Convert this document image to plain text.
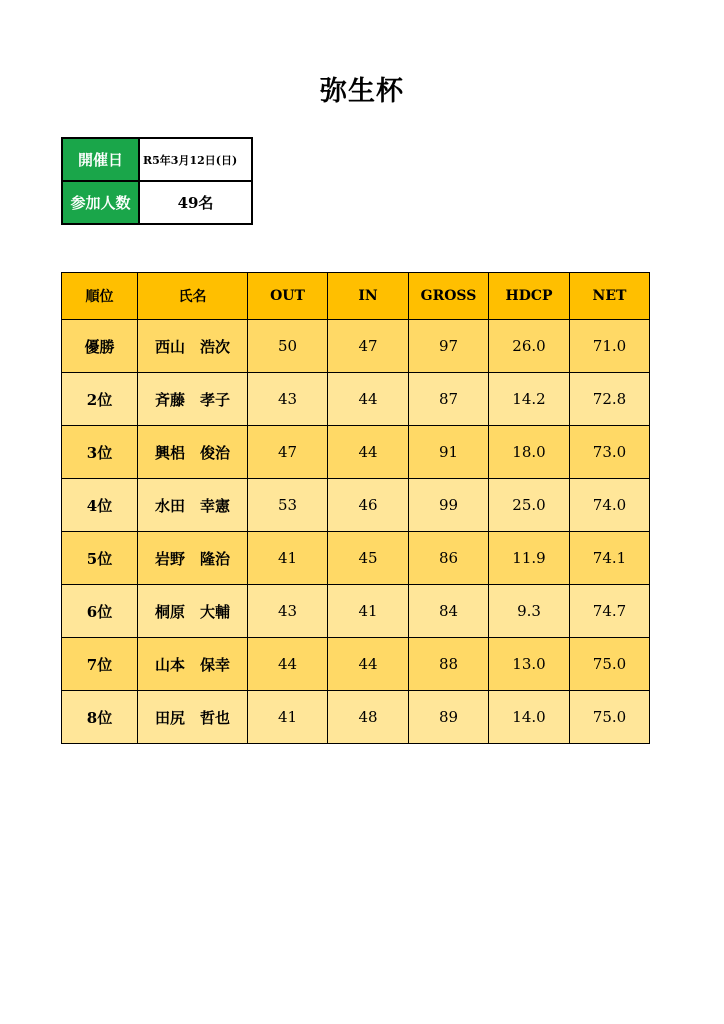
弥生杯
開催日	R5年3月12日(日)
参加人数	49名
順位	氏名	OUT	IN	GROSS	HDCP	NET
優勝	西山　浩次	50	47	97	26.0	71.0
2位	斉藤　孝子	43	44	87	14.2	72.8
3位	興梠　俊治	47	44	91	18.0	73.0
4位	水田　幸憲	53	46	99	25.0	74.0
5位	岩野　隆治	41	45	86	11.9	74.1
6位	桐原　大輔	43	41	84	9.3	74.7
7位	山本　保幸	44	44	88	13.0	75.0
8位	田尻　哲也	41	48	89	14.0	75.0
